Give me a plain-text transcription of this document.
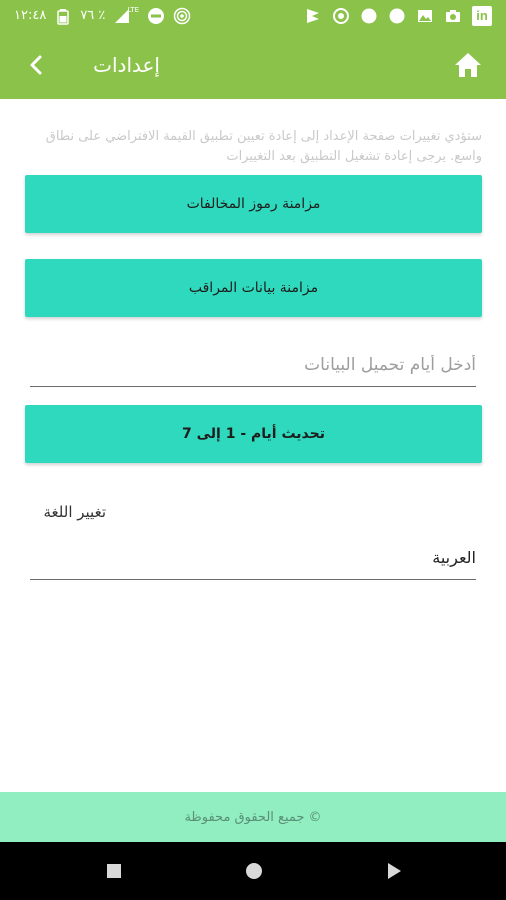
١٢:٤٨	٧٦ ٪	LTE	in
إعدادات
ستؤدي تغييرات صفحة الإعداد إلى إعادة تعيين تطبيق القيمة الافتراضي على نطاق واسع. يرجى إعادة تشغيل التطبيق بعد التغييرات
مزامنة رموز المخالفات
مزامنة بيانات المراقب
أدخل أيام تحميل البيانات
تحديث أيام - 1 إلى 7
تغيير اللغة
العربية
© جميع الحقوق محفوظة
